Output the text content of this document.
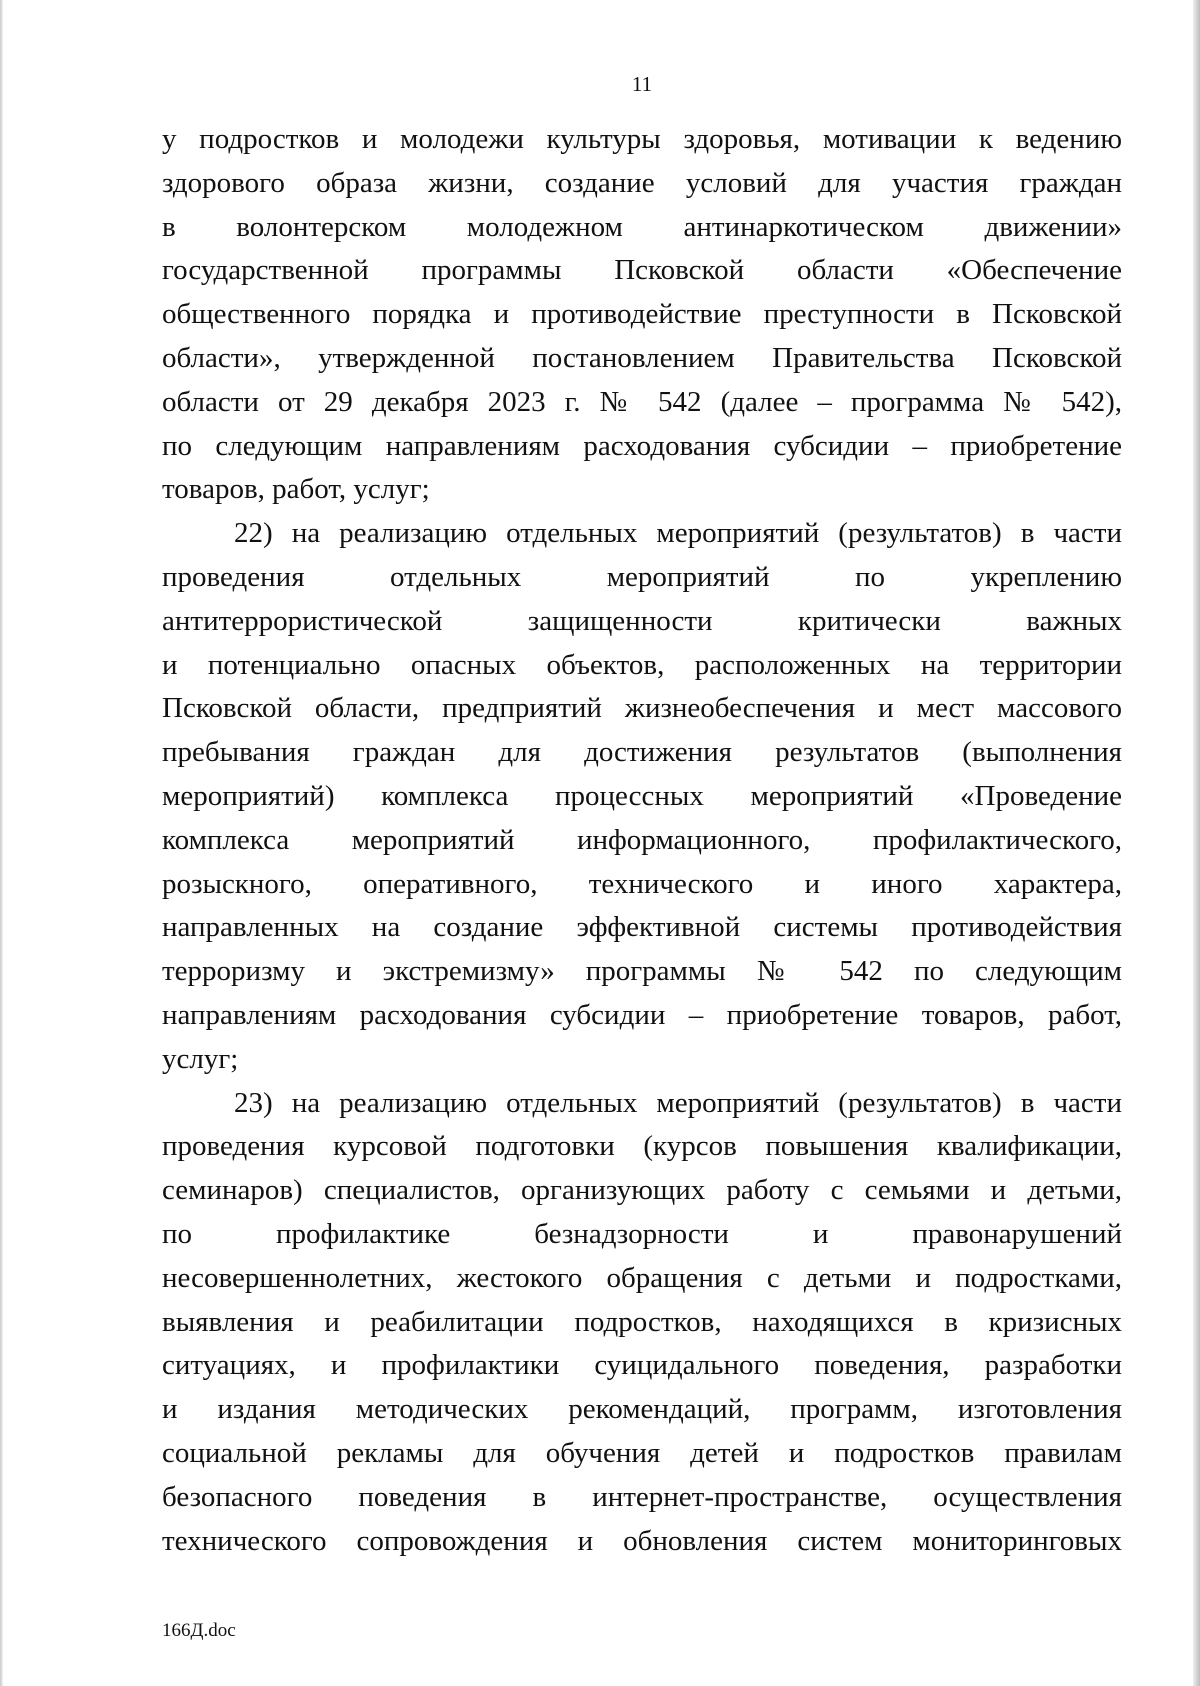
11

у подростков и молодежи культуры здоровья, мотивации к ведению
здорового образа жизни, создание условий для участия граждан
в волонтерском молодежном антинаркотическом движении»
государственной программы Псковской области «Обеспечение
общественного порядка и противодействие преступности в Псковской
области», утвержденной постановлением Правительства Псковской
области от 29 декабря 2023 г. № 542 (далее – программа № 542),
по следующим направлениям расходования субсидии – приобретение
товаров, работ, услуг;

22) на реализацию отдельных мероприятий (результатов) в части
проведения отдельных мероприятий по укреплению
антитеррористической защищенности критически важных
и потенциально опасных объектов, расположенных на территории
Псковской области, предприятий жизнеобеспечения и мест массового
пребывания граждан для достижения результатов (выполнения
мероприятий) комплекса процессных мероприятий «Проведение
комплекса мероприятий информационного, профилактического,
розыскного, оперативного, технического и иного характера,
направленных на создание эффективной системы противодействия
терроризму и экстремизму» программы № 542 по следующим
направлениям расходования субсидии – приобретение товаров, работ,
услуг;

23) на реализацию отдельных мероприятий (результатов) в части
проведения курсовой подготовки (курсов повышения квалификации,
семинаров) специалистов, организующих работу с семьями и детьми,
по профилактике безнадзорности и правонарушений
несовершеннолетних, жестокого обращения с детьми и подростками,
выявления и реабилитации подростков, находящихся в кризисных
ситуациях, и профилактики суицидального поведения, разработки
и издания методических рекомендаций, программ, изготовления
социальной рекламы для обучения детей и подростков правилам
безопасного поведения в интернет-пространстве, осуществления
технического сопровождения и обновления систем мониторинговых

166Д.doc
